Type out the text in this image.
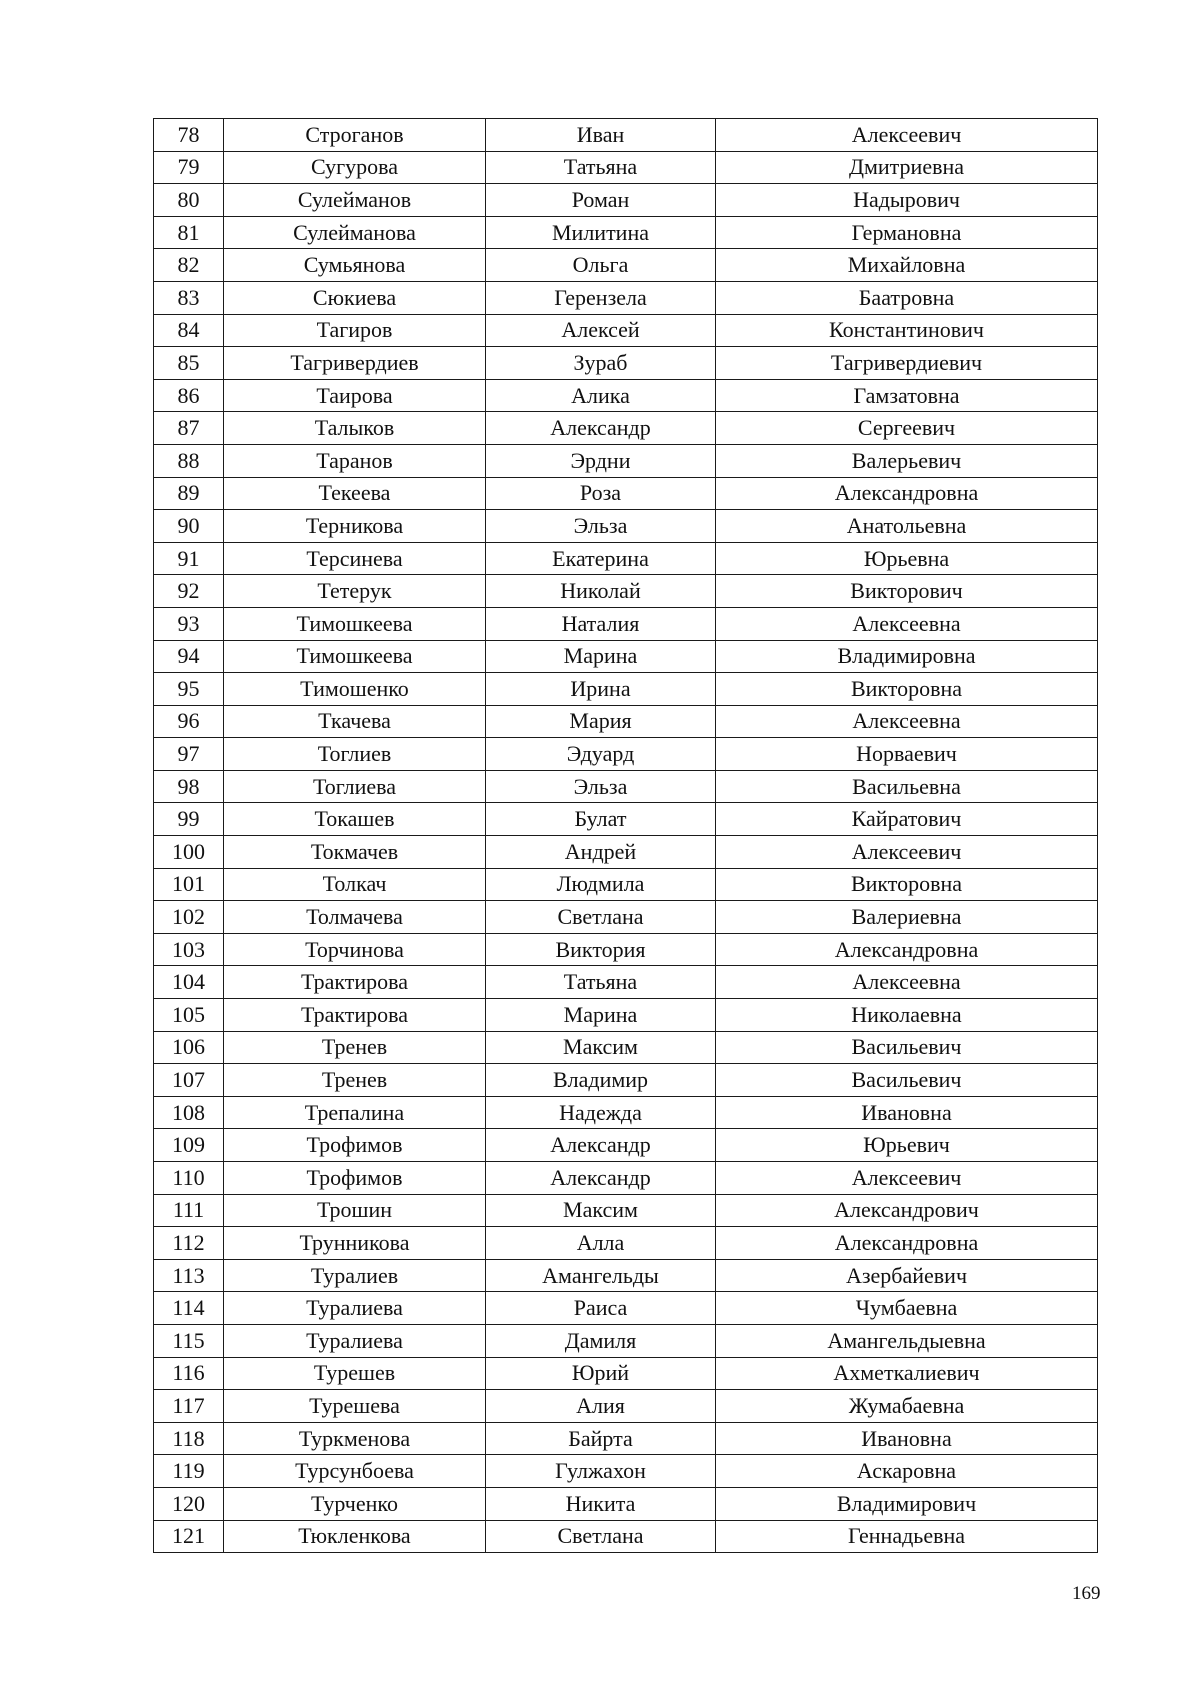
78	Строганов	Иван	Алексеевич
79	Сугурова	Татьяна	Дмитриевна
80	Сулейманов	Роман	Надырович
81	Сулейманова	Милитина	Германовна
82	Сумьянова	Ольга	Михайловна
83	Сюкиева	Герензела	Баатровна
84	Тагиров	Алексей	Константинович
85	Тагривердиев	Зураб	Тагривердиевич
86	Таирова	Алика	Гамзатовна
87	Талыков	Александр	Сергеевич
88	Таранов	Эрдни	Валерьевич
89	Текеева	Роза	Александровна
90	Терникова	Эльза	Анатольевна
91	Терсинева	Екатерина	Юрьевна
92	Тетерук	Николай	Викторович
93	Тимошкеева	Наталия	Алексеевна
94	Тимошкеева	Марина	Владимировна
95	Тимошенко	Ирина	Викторовна
96	Ткачева	Мария	Алексеевна
97	Тоглиев	Эдуард	Норваевич
98	Тоглиева	Эльза	Васильевна
99	Токашев	Булат	Кайратович
100	Токмачев	Андрей	Алексеевич
101	Толкач	Людмила	Викторовна
102	Толмачева	Светлана	Валериевна
103	Торчинова	Виктория	Александровна
104	Трактирова	Татьяна	Алексеевна
105	Трактирова	Марина	Николаевна
106	Тренев	Максим	Васильевич
107	Тренев	Владимир	Васильевич
108	Трепалина	Надежда	Ивановна
109	Трофимов	Александр	Юрьевич
110	Трофимов	Александр	Алексеевич
111	Трошин	Максим	Александрович
112	Трунникова	Алла	Александровна
113	Туралиев	Амангельды	Азербайевич
114	Туралиева	Раиса	Чумбаевна
115	Туралиева	Дамиля	Амангельдыевна
116	Турешев	Юрий	Ахметкалиевич
117	Турешева	Алия	Жумабаевна
118	Туркменова	Байрта	Ивановна
119	Турсунбоева	Гулжахон	Аскаровна
120	Турченко	Никита	Владимирович
121	Тюкленкова	Светлана	Геннадьевна
169
